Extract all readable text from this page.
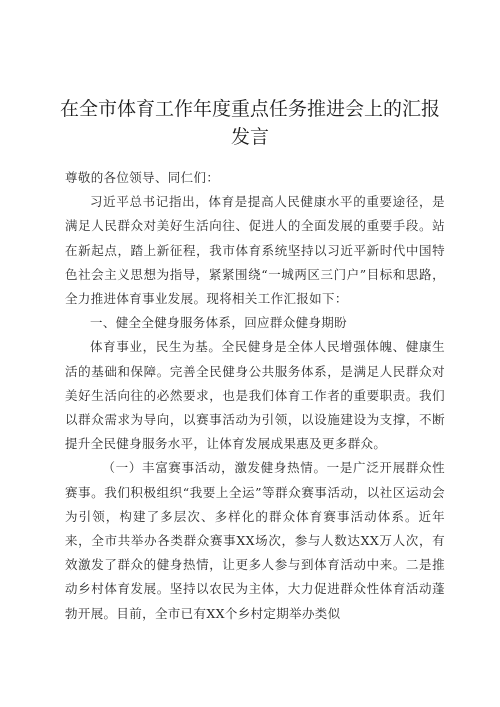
在全市体育工作年度重点任务推进会上的汇报
发言

尊敬的各位领导、同仁们：

习近平总书记指出，体育是提高人民健康水平的重要途径，是满足人民群众对美好生活向往、促进人的全面发展的重要手段。站在新起点，踏上新征程，我市体育系统坚持以习近平新时代中国特色社会主义思想为指导，紧紧围绕“一城两区三门户”目标和思路，全力推进体育事业发展。现将相关工作汇报如下：

一、健全全健身服务体系，回应群众健身期盼

体育事业，民生为基。全民健身是全体人民增强体魄、健康生活的基础和保障。完善全民健身公共服务体系，是满足人民群众对美好生活向往的必然要求，也是我们体育工作者的重要职责。我们以群众需求为导向，以赛事活动为引领，以设施建设为支撑，不断提升全民健身服务水平，让体育发展成果惠及更多群众。

（一）丰富赛事活动，激发健身热情。一是广泛开展群众性赛事。我们积极组织“我要上全运”等群众赛事活动，以社区运动会为引领，构建了多层次、多样化的群众体育赛事活动体系。近年来，全市共举办各类群众赛事XX场次，参与人数达XX万人次，有效激发了群众的健身热情，让更多人参与到体育活动中来。二是推动乡村体育发展。坚持以农民为主体，大力促进群众性体育活动蓬勃开展。目前，全市已有XX个乡村定期举办类似
